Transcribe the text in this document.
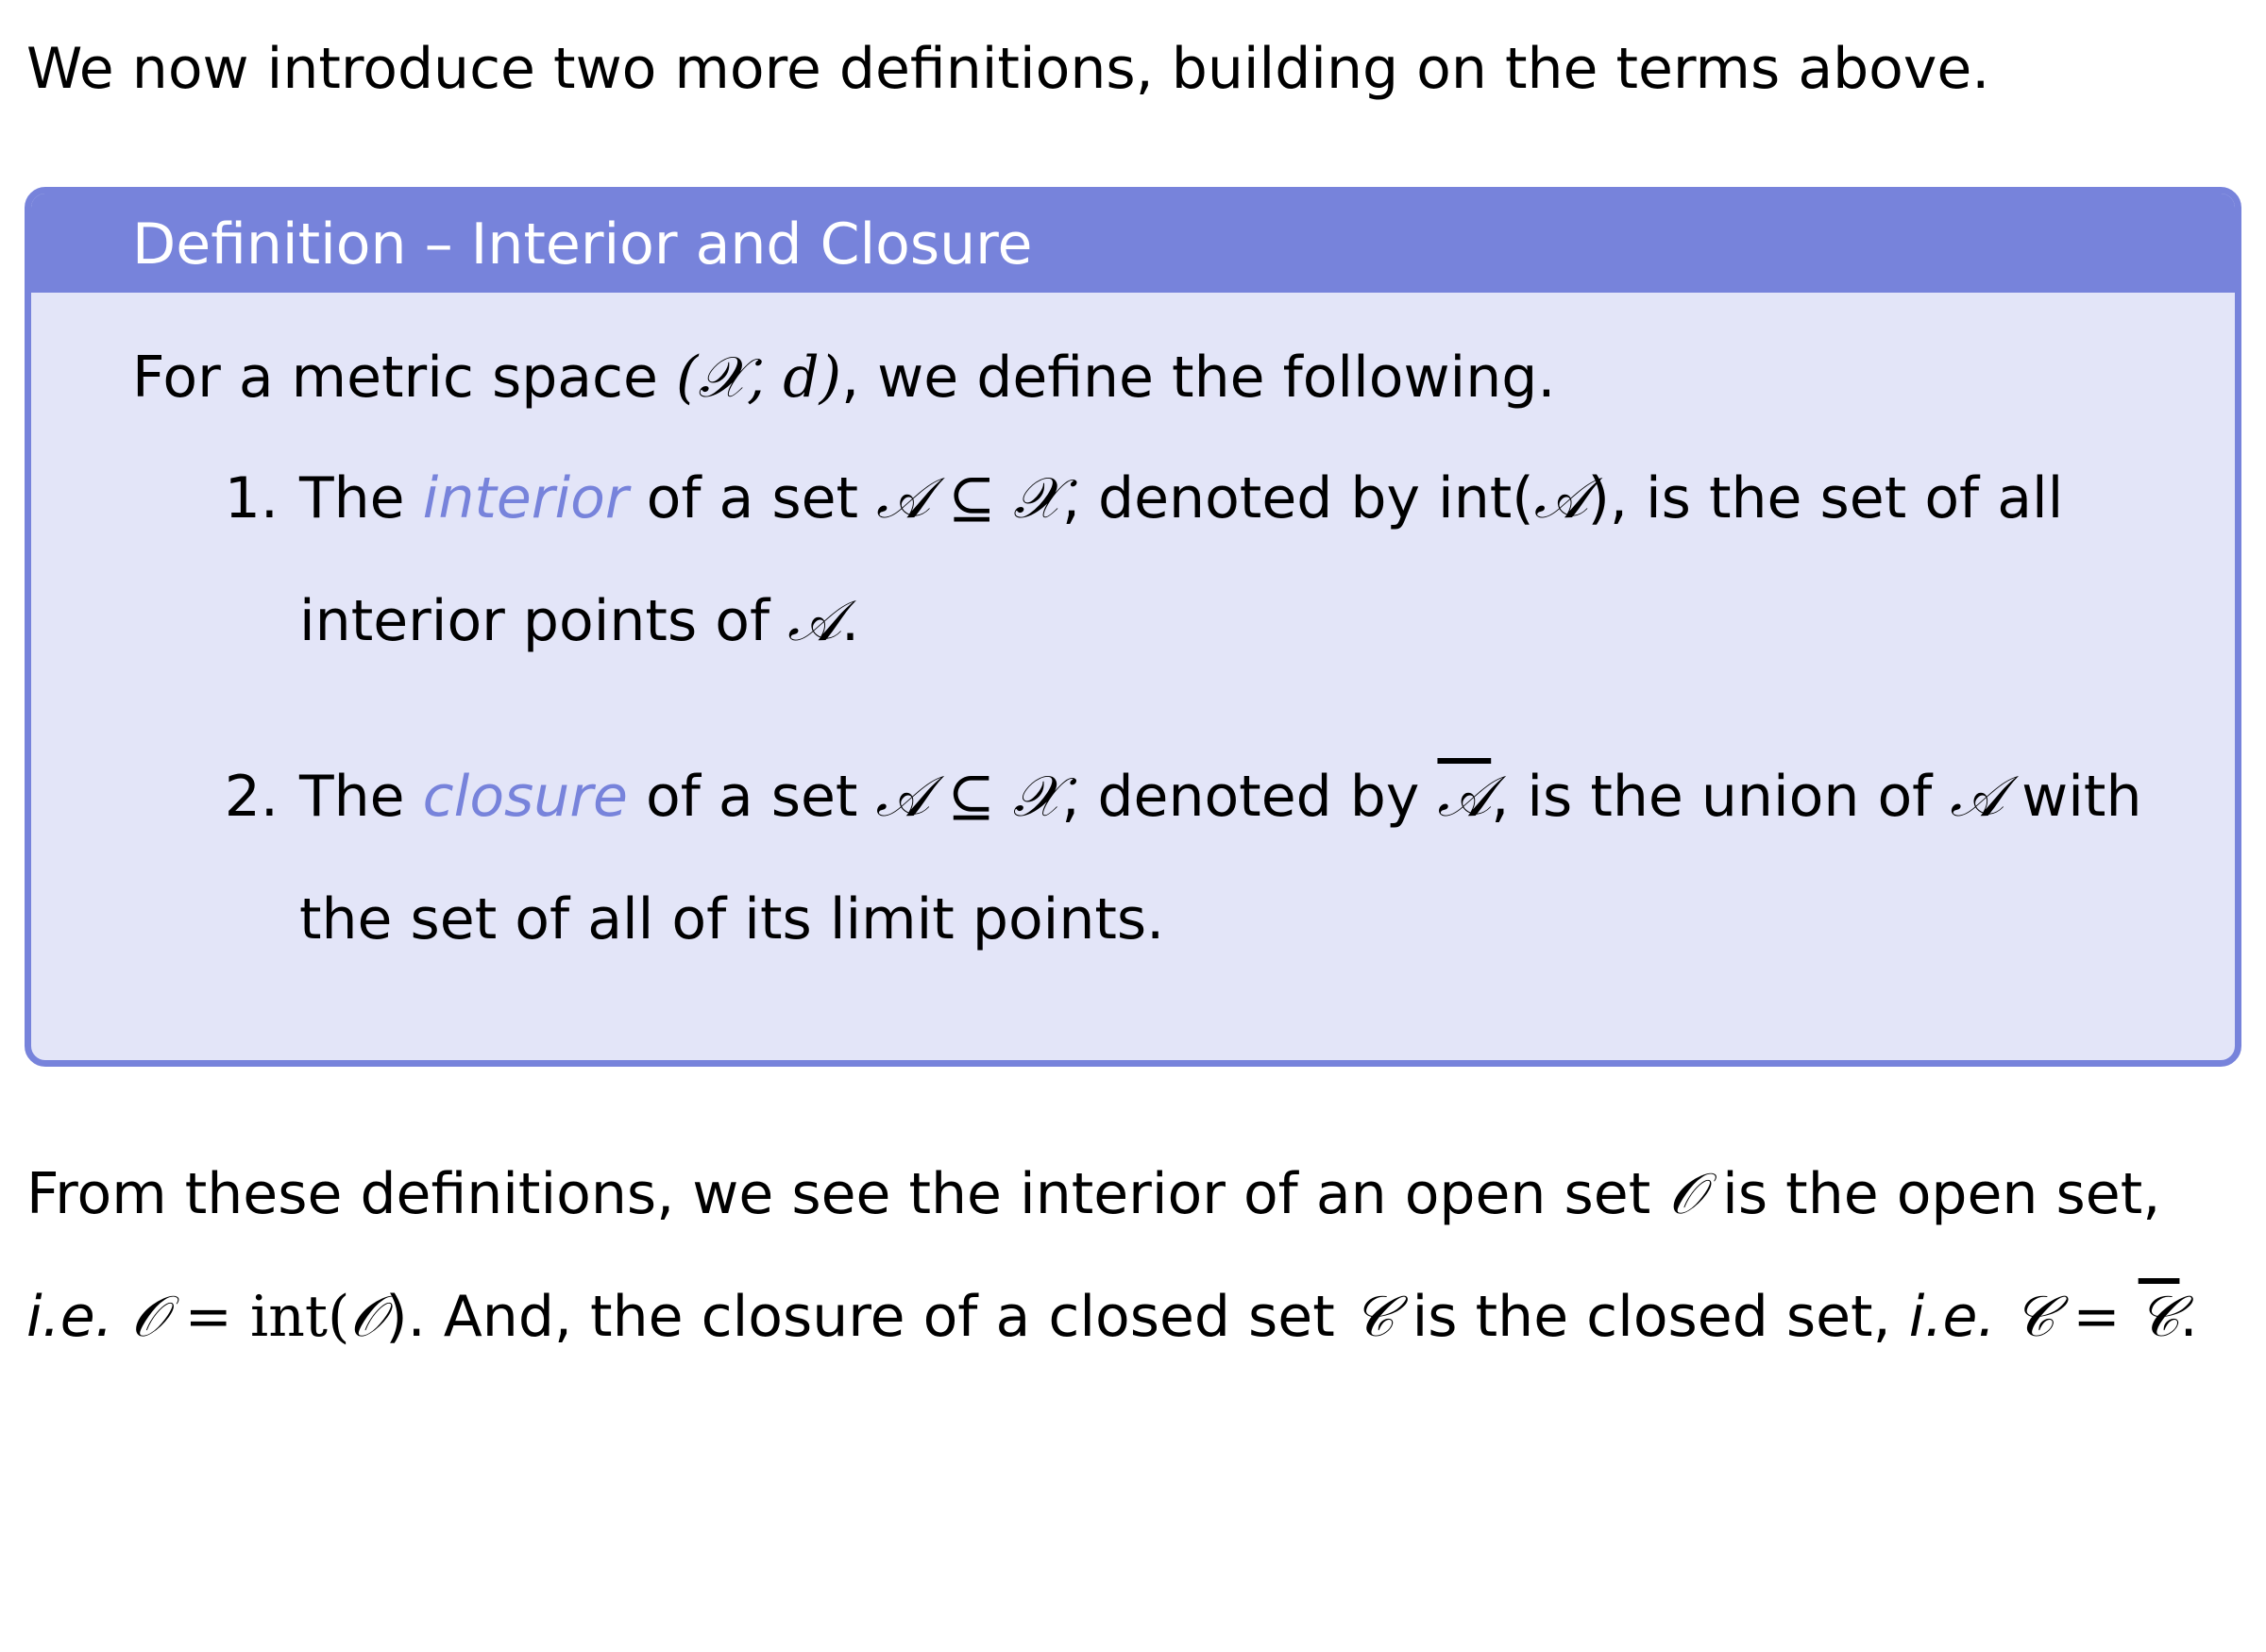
We now introduce two more definitions, building on the terms above.
Definition – Interior and Closure
For a metric space (𝒳, d), we define the following.
1. The interior of a set 𝒜 ⊆ 𝒳, denoted by int(𝒜), is the set of all interior points of 𝒜.
2. The closure of a set 𝒜 ⊆ 𝒳, denoted by 𝒜, is the union of 𝒜 with the set of all of its limit points.
From these definitions, we see the interior of an open set 𝒪 is the open set, i.e. 𝒪 = int(𝒪). And, the closure of a closed set 𝒞 is the closed set, i.e. 𝒞 = 𝒞.
